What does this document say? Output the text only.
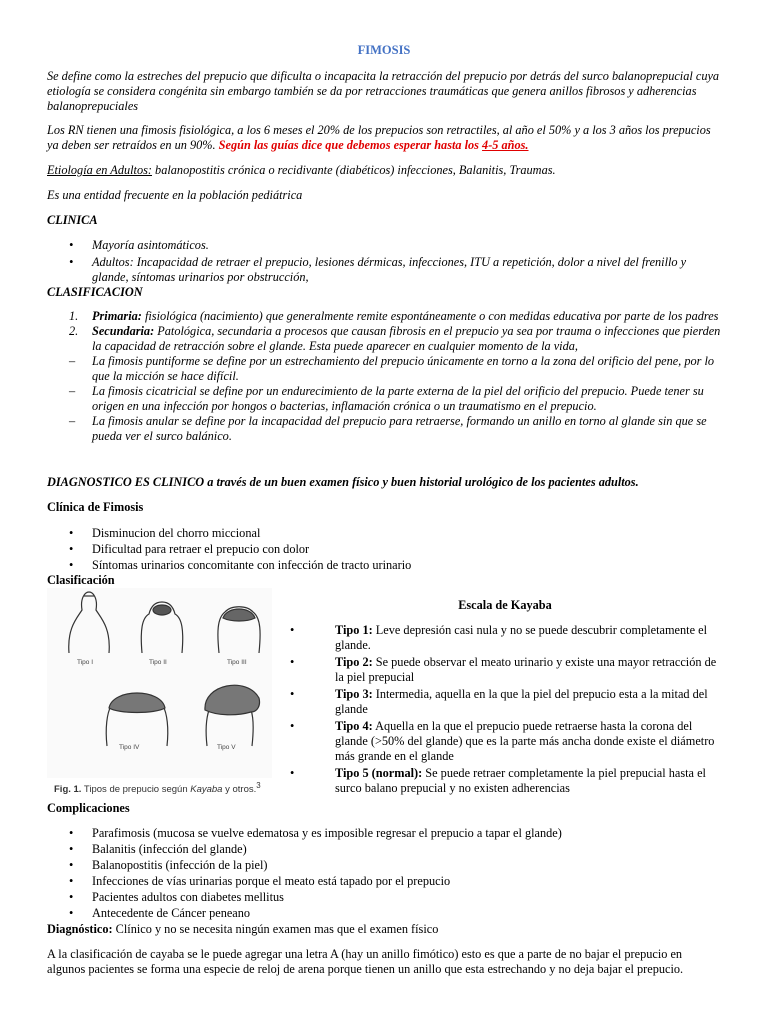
FIMOSIS

Se define como la estreches del prepucio que dificulta o incapacita la retracción del prepucio por detrás del surco balanoprepucial cuya etiología se considera congénita sin embargo también se da por retracciones traumáticas que genera anillos fibrosos y adherencias balanoprepuciales

Los RN tienen una fimosis fisiológica, a los 6 meses el 20% de los prepucios son retractiles, al año el 50% y a los 3 años los prepucios ya deben ser retraídos en un 90%. Según las guías dice que debemos esperar hasta los 4-5 años.

Etiología en Adultos: balanopostitis crónica o recidivante (diabéticos) infecciones, Balanitis, Traumas.

Es una entidad frecuente en la población pediátrica

CLINICA

• Mayoría asintomáticos.
• Adultos: Incapacidad de retraer el prepucio, lesiones dérmicas, infecciones, ITU a repetición, dolor a nivel del frenillo y glande, síntomas urinarios por obstrucción,

CLASIFICACION

1. Primaria: fisiológica (nacimiento) que generalmente remite espontáneamente o con medidas educativa por parte de los padres
2. Secundaria: Patológica, secundaria a procesos que causan fibrosis en el prepucio ya sea por trauma o infecciones que pierden la capacidad de retracción sobre el glande. Esta puede aparecer en cualquier momento de la vida,
– La fimosis puntiforme se define por un estrechamiento del prepucio únicamente en torno a la zona del orificio del pene, por lo que la micción se hace difícil.
– La fimosis cicatricial se define por un endurecimiento de la parte externa de la piel del orificio del prepucio. Puede tener su origen en una infección por hongos o bacterias, inflamación crónica o un traumatismo en el prepucio.
– La fimosis anular se define por la incapacidad del prepucio para retraerse, formando un anillo en torno al glande sin que se pueda ver el surco balánico.

DIAGNOSTICO ES CLINICO a través de un buen examen físico y buen historial urológico de los pacientes adultos.

Clínica de Fimosis

• Disminucion del chorro miccional
• Dificultad para retraer el prepucio con dolor
• Síntomas urinarios concomitante con infección de tracto urinario

Clasificación

Tipo I	Tipo II	Tipo III
Tipo IV	Tipo V
Fig. 1. Tipos de prepucio según Kayaba y otros.$^3$
Escala de Kayaba
• Tipo 1: Leve depresión casi nula y no se puede descubrir completamente el glande.
• Tipo 2: Se puede observar el meato urinario y existe una mayor retracción de la piel prepucial
• Tipo 3: Intermedia, aquella en la que la piel del prepucio esta a la mitad del glande
• Tipo 4: Aquella en la que el prepucio puede retraerse hasta la corona del glande (>50% del glande) que es la parte más ancha donde existe el diámetro más grande en el glande
• Tipo 5 (normal): Se puede retraer completamente la piel prepucial hasta el surco balano prepucial y no existen adherencias

Complicaciones

• Parafimosis (mucosa se vuelve edematosa y es imposible regresar el prepucio a tapar el glande)
• Balanitis (infección del glande)
• Balanopostitis (infección de la piel)
• Infecciones de vías urinarias porque el meato está tapado por el prepucio
• Pacientes adultos con diabetes mellitus
• Antecedente de Cáncer peneano

Diagnóstico: Clínico y no se necesita ningún examen mas que el examen físico

A la clasificación de cayaba se le puede agregar una letra A (hay un anillo fimótico) esto es que a parte de no bajar el prepucio en algunos pacientes se forma una especie de reloj de arena porque tienen un anillo que esta estrechando y no deja bajar el prepucio.
